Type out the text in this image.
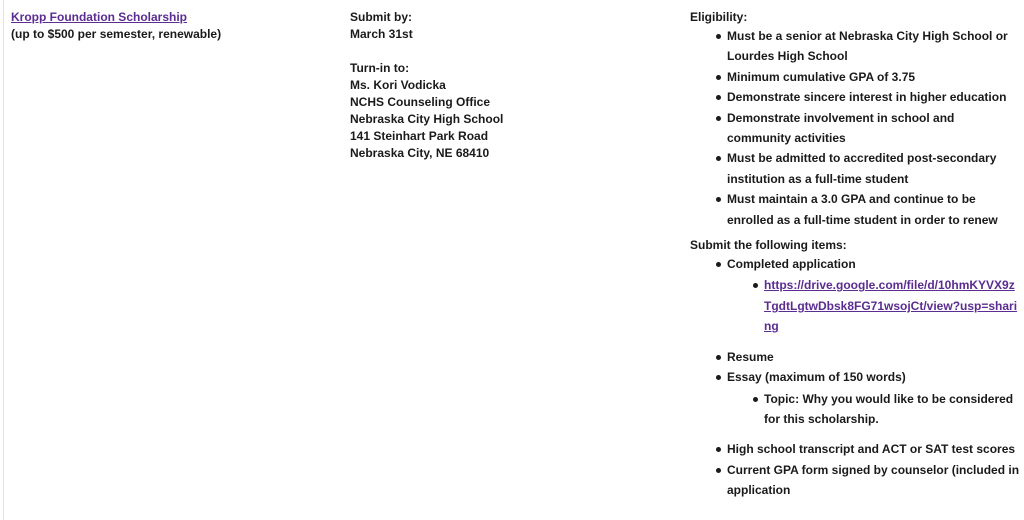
Kropp Foundation Scholarship
(up to $500 per semester, renewable)
Submit by:
March 31st
Turn-in to:
Ms. Kori Vodicka
NCHS Counseling Office
Nebraska City High School
141 Steinhart Park Road
Nebraska City, NE 68410
Eligibility:
Must be a senior at Nebraska City High School or Lourdes High School
Minimum cumulative GPA of 3.75
Demonstrate sincere interest in higher education
Demonstrate involvement in school and community activities
Must be admitted to accredited post-secondary institution as a full-time student
Must maintain a 3.0 GPA and continue to be enrolled as a full-time student in order to renew
Submit the following items:
Completed application
https://drive.google.com/file/d/10hmKYVX9zTgdtLgtwDbsk8FG71wsojCt/view?usp=sharing
Resume
Essay (maximum of 150 words)
Topic: Why you would like to be considered for this scholarship.
High school transcript and ACT or SAT test scores
Current GPA form signed by counselor (included in application
